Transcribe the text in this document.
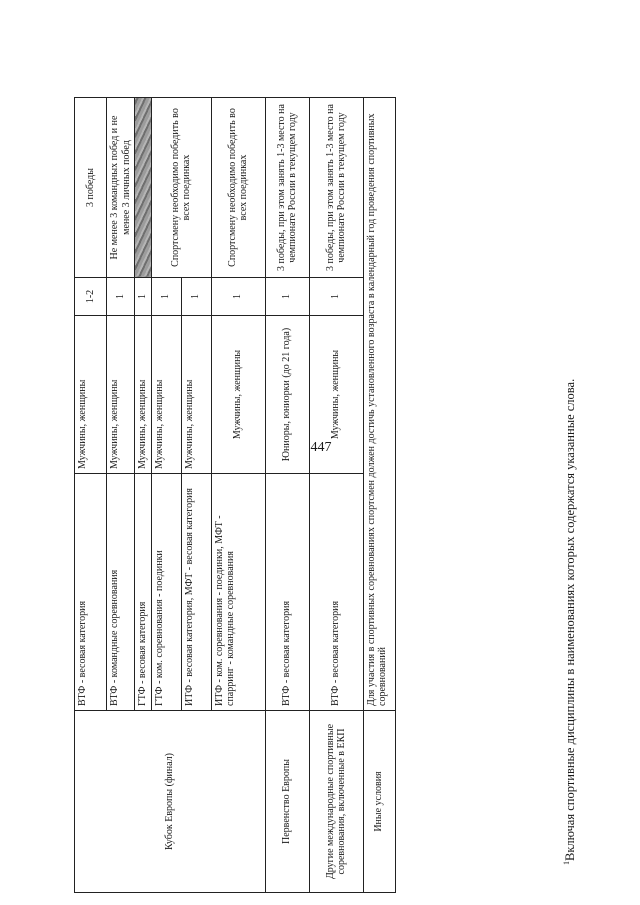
447
Кубок Европы (финал)	ВТФ - весовая категория	Мужчины, женщины	1-2	3 победы
	ВТФ - командные соревнования	Мужчины, женщины	1	Не менее 3 командных побед и не менее 3 личных побед
	ГТФ - весовая категория	Мужчины, женщины	1	
	ГТФ - ком. соревнования - поединки	Мужчины, женщины	1	Спортсмену необходимо победить во всех поединках
	ИТФ - весовая категория, МФТ - весовая категория	Мужчины, женщины	1	
	ИТФ - ком. соревнования - поединки, МФТ - спарринг - командные соревнования	Мужчины, женщины	1	Спортсмену необходимо победить во всех поединках
Первенство Европы	ВТФ - весовая категория	Юниоры, юниорки (до 21 года)	1	3 победы, при этом занять 1-3 место на чемпионате России в текущем году
Другие международные спортивные соревнования, включенные в ЕКП	ВТФ - весовая категория	Мужчины, женщины	1	3 победы, при этом занять 1-3 место на чемпионате России в текущем году
Иные условия	Для участия в спортивных соревнованиях спортсмен должен достичь установленного возраста в календарный год проведения спортивных соревнований			
$^1$Включая спортивные дисциплины в наименованиях которых содержатся указанные слова.
